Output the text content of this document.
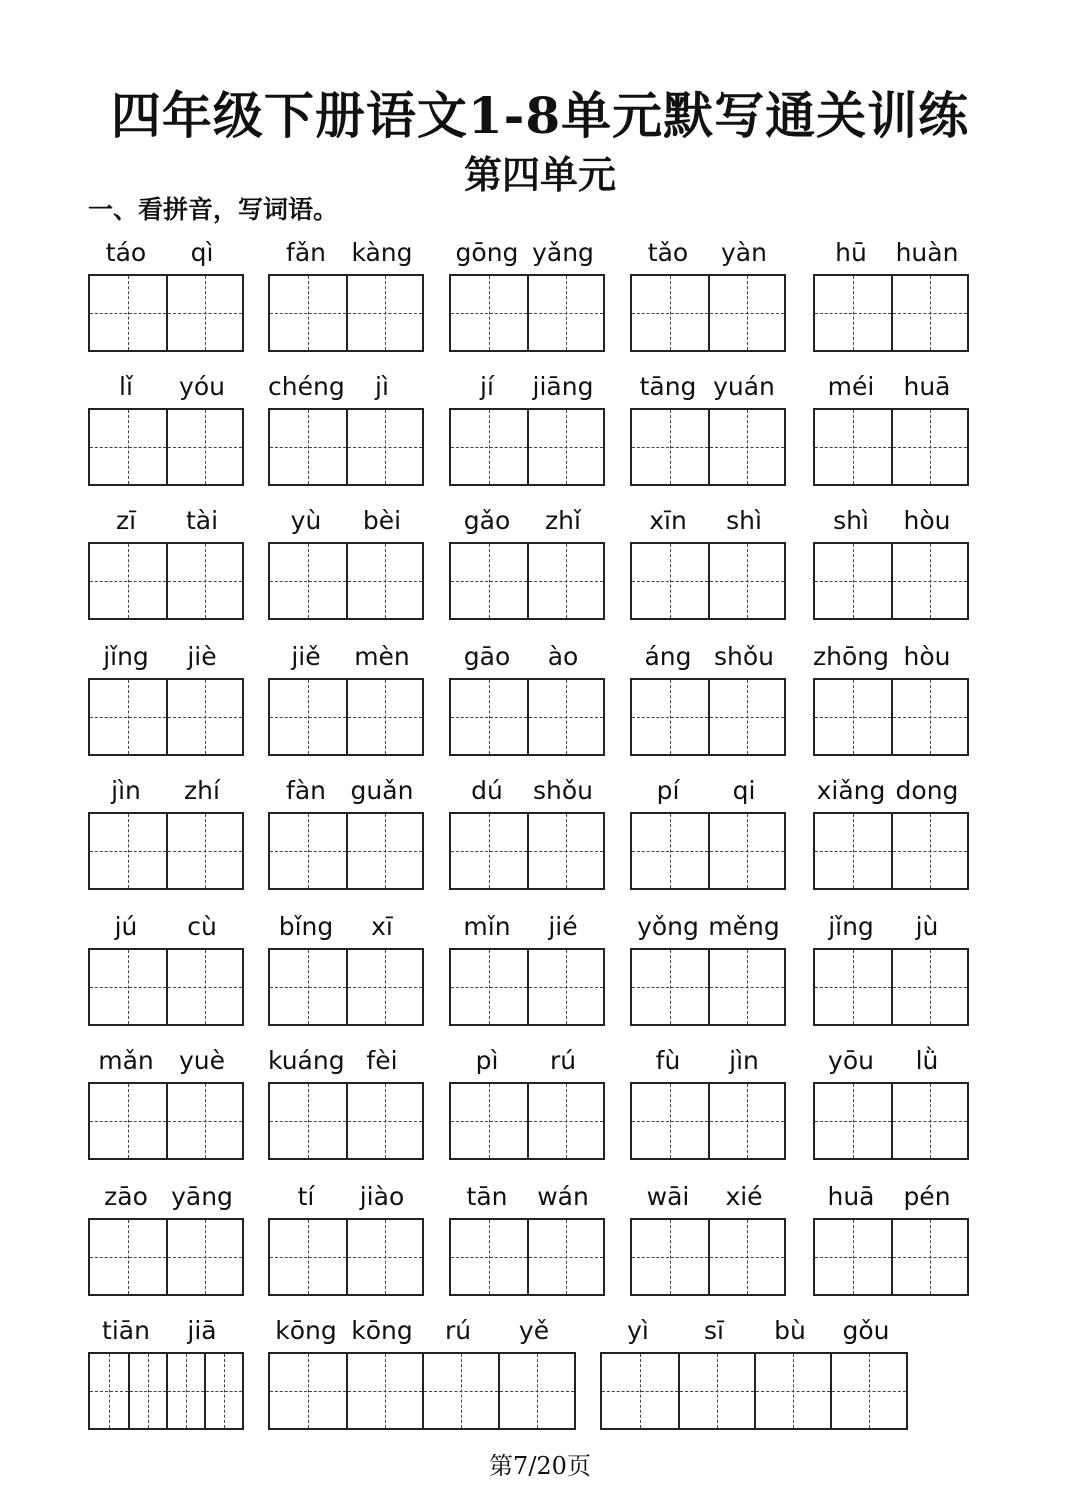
四年级下册语文1-8单元默写通关训练
第四单元
一、看拼音，写词语。
táo	qì	fǎn	kàng gōng yǎng	tǎo	yàn	hū	huàn
lǐ	yóu	chéng	jì	jí	jiāng	tāng yuán	méi	huā
zī	tài	yù	bèi	gǎo	zhǐ	xīn	shì	shì	hòu
jǐng	jiè	jiě	mèn	gāo	ào	áng shǒu	zhōng hòu
jìn	zhí	fàn guǎn	dú	shǒu	pí	qi	xiǎng dong
jú	cù	bǐng	xī	mǐn	jié	yǒng měng	jǐng	jù
mǎn	yuè	kuáng fèi	pì	rú	fù	jìn	yōu	lǜ
zāo yāng	tí	jiào	tān	wán	wāi	xié	huā	pén
tiān	jiā	kōng kōng	rú	yě	yì	sī	bù	gǒu
第7/20页
